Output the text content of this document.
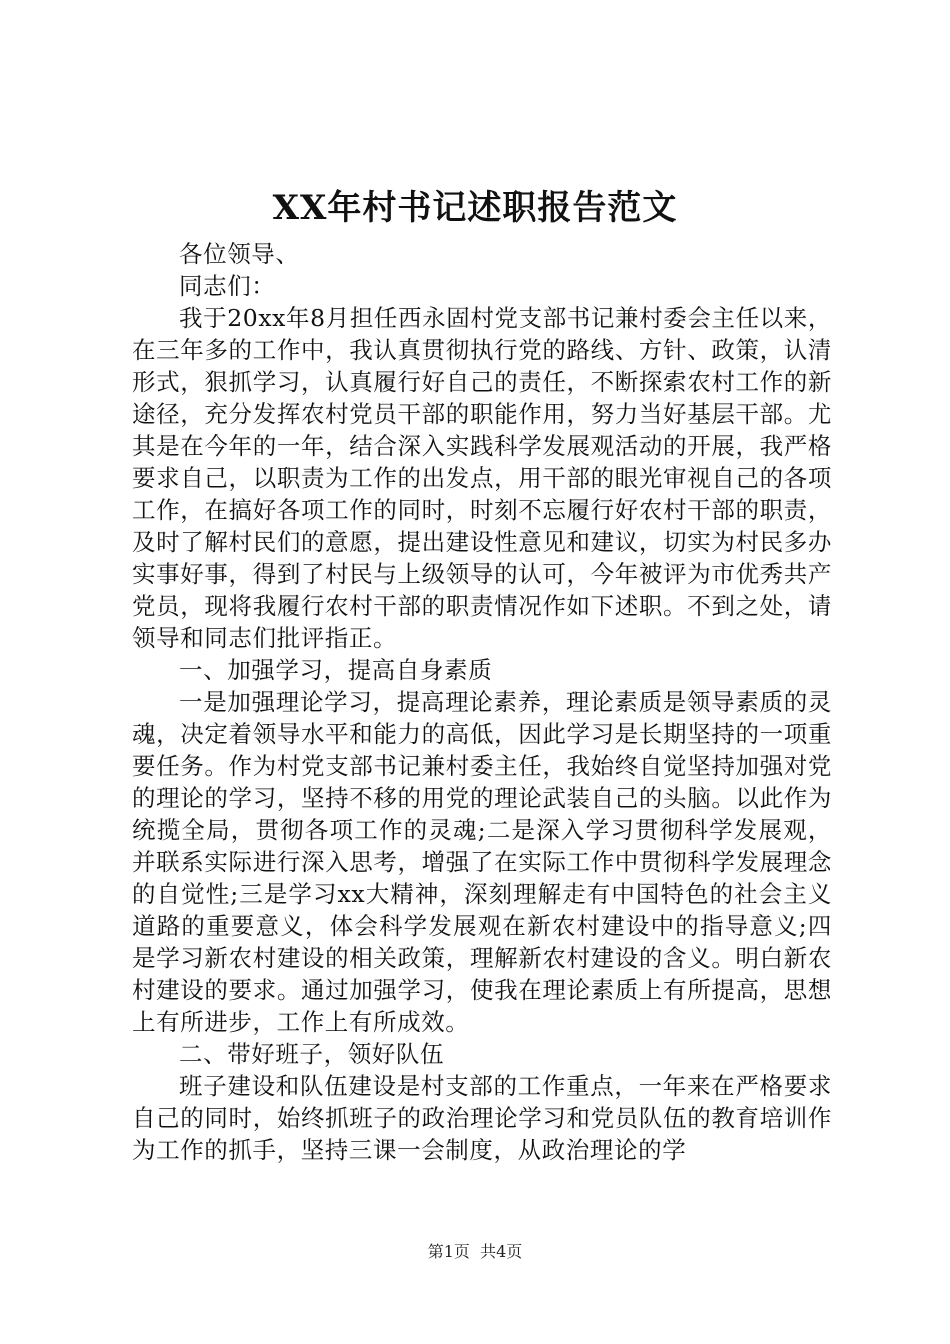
XX年村书记述职报告范文

各位领导、

同志们：

我于20xx年8月担任西永固村党支部书记兼村委会主任以来，在三年多的工作中，我认真贯彻执行党的路线、方针、政策，认清形式，狠抓学习，认真履行好自己的责任，不断探索农村工作的新途径，充分发挥农村党员干部的职能作用，努力当好基层干部。尤其是在今年的一年，结合深入实践科学发展观活动的开展，我严格要求自己，以职责为工作的出发点，用干部的眼光审视自己的各项工作，在搞好各项工作的同时，时刻不忘履行好农村干部的职责，及时了解村民们的意愿，提出建设性意见和建议，切实为村民多办实事好事，得到了村民与上级领导的认可，今年被评为市优秀共产党员，现将我履行农村干部的职责情况作如下述职。不到之处，请领导和同志们批评指正。

一、加强学习，提高自身素质

一是加强理论学习，提高理论素养，理论素质是领导素质的灵魂，决定着领导水平和能力的高低，因此学习是长期坚持的一项重要任务。作为村党支部书记兼村委主任，我始终自觉坚持加强对党的理论的学习，坚持不移的用党的理论武装自己的头脑。以此作为统揽全局，贯彻各项工作的灵魂;二是深入学习贯彻科学发展观，并联系实际进行深入思考，增强了在实际工作中贯彻科学发展理念的自觉性;三是学习xx大精神，深刻理解走有中国特色的社会主义道路的重要意义，体会科学发展观在新农村建设中的指导意义;四是学习新农村建设的相关政策，理解新农村建设的含义。明白新农村建设的要求。通过加强学习，使我在理论素质上有所提高，思想上有所进步，工作上有所成效。

二、带好班子，领好队伍

班子建设和队伍建设是村支部的工作重点，一年来在严格要求自己的同时，始终抓班子的政治理论学习和党员队伍的教育培训作为工作的抓手，坚持三课一会制度，从政治理论的学

第1页 共4页
